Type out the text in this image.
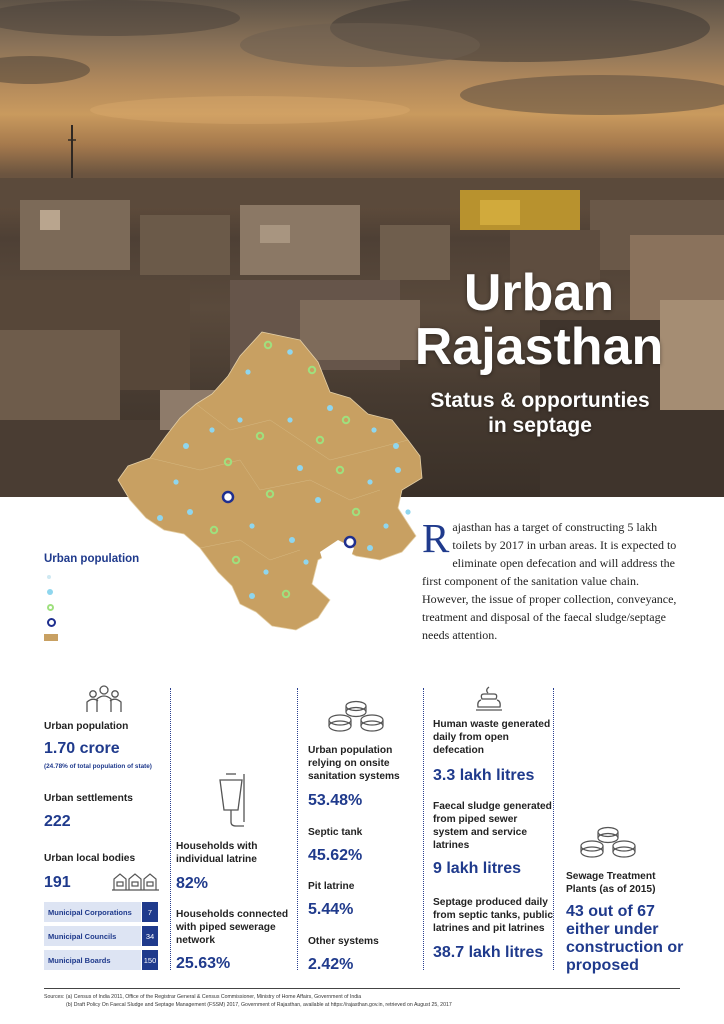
Urban
Rajasthan
Status & opportunties
in septage
Urban population	R ajasthan has a target of constructing 5 lakh toilets by 2017 in urban areas. It is expected to eliminate open defecation and will address the first component of the sanitation value chain. However, the issue of proper collection, conveyance, treatment and disposal of the faecal sludge/septage needs attention.
Urban population
1.70 crore
(24.78% of total population of state)
Urban settlements
222
Urban local bodies
191
Municipal Corporations	7
Municipal Councils	34
Municipal Boards	150
Households with individual latrine
82%
Households connected with piped sewerage network
25.63%
Urban population relying on onsite sanitation systems
53.48%
Septic tank
45.62%
Pit latrine
5.44%
Other systems
2.42%
Human waste generated daily from open defecation
3.3 lakh litres
Faecal sludge generated from piped sewer system and service latrines
9 lakh litres
Septage produced daily from septic tanks, public latrines and pit latrines
38.7 lakh litres
Sewage Treatment Plants (as of 2015)
43 out of 67 either under construction or proposed
Sources: (a) Census of India 2011, Office of the Registrar General & Census Commissioner, Ministry of Home Affairs, Government of India
(b) Draft Policy On Faecal Sludge and Septage Management (FSSM) 2017, Government of Rajasthan, available at https://rajasthan.gov.in, retrieved on August 25, 2017
